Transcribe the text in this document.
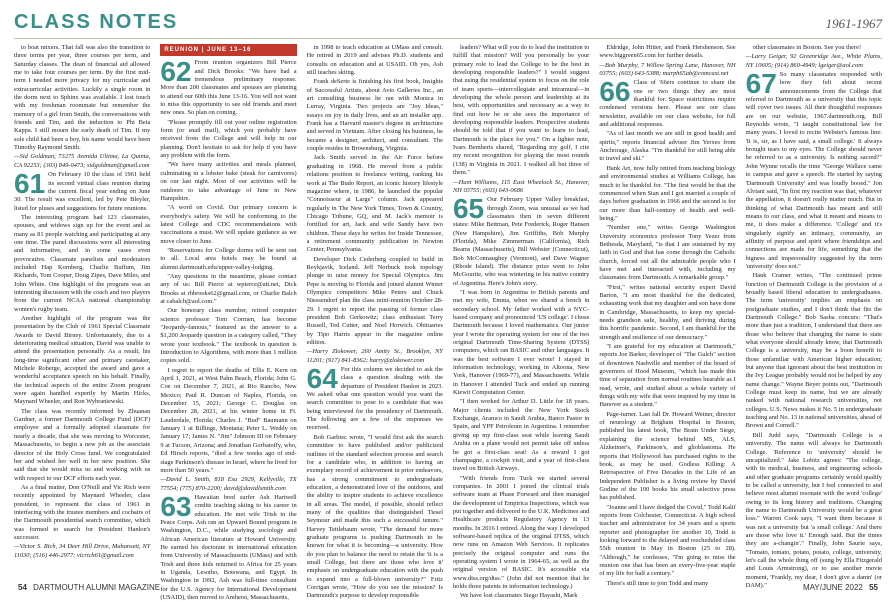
CLASS NOTES	1961-1967

to boat mixers. That fall was also the transition to three terms per year, three courses per term, and Saturday classes. The dean of financial aid allowed me to take four courses per term. By the first mid-term I needed more privacy for my curricular and extracurricular activities. Luckily a single room in the dorm next to Sphinx was available. I lost touch with my freshman roommate but remember the memory of a girl from Smith, the conversations with friends and Tim, and the induction to Phi Beta Kappa. I still mourn the early death of Tim. If my sole child had been a boy, his name would have been Timothy Raymond Smith.

—Sid Goldman, 73275 Avenida Ultima, La Quinta, CA 92253; (303) 849-0473; sidgoldman@gmail.com

61 On February 10 the class of 1961 held its second virtual class reunion during the current fiscal year ending on June 30. The result was excellent, led by Pete Bleyler, listed for pluses and suggestions for future reunions.

The interesting program had 123 classmates, spouses, and widows sign up for the event and as many as 81 people watching and participating at any one time. The panel discussions were all interesting and informative, and in some cases even provocative. Classmate panelists and moderators included Hap Kornberg, Charlie Buffum, Jim Richards, Tom Cooper, Doug Zipes, Dave Miles, and John White. One highlight of the program was an interesting discussion with the coach and two players from the current NCAA national championship women's rugby team.

Another highlight of the program was the presentation by the Club of 1961 Special Classmate Awards to David Birney. Unfortunately, due to a deteriorating medical situation, David was unable to attend the presentation personally. As a result, his long-time significant other and primary caretaker, Michele Roberge, accepted the award and gave a wonderful acceptance speech on his behalf. Finally, the technical aspects of the entire Zoom program were again handled expertly by Martin Hicks, Maynard Wheeler, and Ron Wybraniewski.

The class was recently informed by Zhuanan Gardner, a former Dartmouth College Fund (DCF) employee and a formally adopted classmate for nearly a decade, that she was moving to Worcester, Massachusetts, to begin a new job as the associate director of the Holy Cross fund. We congratulated her and wished her well in her new position. She said that she would miss us and working with us with respect to our DCF efforts each year.

As a final matter, Don O'Neill and Vic Rich were recently appointed by Maynard Wheeler, class president, to represent the class of 1961 in interfacing with the trustee members and cochairs of the Dartmouth presidential search committee, which was formed to search for President Hanlon's successor.

—Victor S. Rich, 34 Deer Hill Drive, Mahansett, NY 11030; (516) 446-2977; vicrich61@gmail.com

REUNION | JUNE 13–16

62 From reunion organizers Bill Pierce and Dick Brooks: "We have had a tremendous preliminary response. More than 200 classmates and spouses are planning to attend our 60th this June 13-16. You will not want to miss this opportunity to see old friends and meet new ones. So plan on coming.

"Please promptly fill out your online registration form (or snail mail), which you probably have received from the College and will help in our planning. Don't hesitate to ask for help if you have any problem with the form.

"We have many activities and meals planned, culminating in a lobster bake (steak for carnivores) on our last night. Most of our activities will be outdoors to take advantage of June in New Hampshire.

"A word on Covid. Our primary concern is everybody's safety. We will be conforming to the latest College and CDC recommendations with vaccinations a must. We will update guidance as we move closer to June.

"Reservations for College dorms will be sent out to all. Local area hotels may be found at alumni.dartmouth.edu/upper-valley-lodging.

"Any questions in the meantime, please contact any of us: Bill Pierce at wpierce@att.net, Dick Brooks at rhbrooks62@gmail.com, or Charlie Balch at cabalch@aol.com."

Our honorary class member, retired computer science professor Tom Cormen, has become "Jeopardy-famous," featured as the answer to a $1,200 Jeopardy question in a category called, "They wrote your textbook." The textbook in question is Introduction to Algorithms, with more than 1 million copies sold.

I regret to report the deaths of Ellis E. Kern on April 1, 2021, at West Palm Beach, Florida; John G. Coe on December 7, 2021, at Rio Rancho, New Mexico; Paul R. Duncan of Naples, Florida, on December 15, 2021; George C. Douglas on December 28, 2021, at his winter home in Ft. Lauderdale, Florida; Charles J. "Bud" Baumann on January 1 at Billings, Montana; Peter L. Weddy on January 17; James N. "Jim" Johnson III on February 9 at Tucson, Arizona; and Jonathan Gorbatoffy, who, Ed Hirsch reports, "died a few weeks ago of end-stage Parkinson's disease in Israel, where he lived for more than 50 years."

—David L. Smith, 818 Esa 2929, Kellyville, TX 77554; (775) 870-2200; david@davidlsmith.com

63 Hawaiian bred surfer Ash Hartwell credits teaching skiing to his career in education. He met wife Trish in the Peace Corps. Ash ran an Upward Bound program in Washington, D.C., while studying sociology and African American literature at Howard University. He earned his doctorate in international education from University of Massachusetts (UMass) and with Trish and three kids returned to Africa for 25 years in Uganda, Lesotho, Botswana, and Egypt. In Washington in 1992, Ash was full-time consultant for the U.S. Agency for International Development (USAID), then moved to Amherst, Massachusetts,

in 1998 to teach education at UMass and consult. He retired in 2019 and advises Ph.D. students and consults on education and at USAID. Oh yes, Ash still teaches skiing.

Frank deSerte is finishing his first book, Insights of Successful Artists, about Avio Galleries Inc., an art consulting business he ran with Monica in Lurray, Virginia. Two projects are "Joy Ideas," essays on joy in daily lives, and an art installer app. Frank has a Harvard master's degree in architecture and served in Vietnam. After closing his business, he became a designer, architect, and consultant. The couple resides in Brownsburg, Virginia.

Jack Smith served in the Air Force before graduating in 1968. He moved from a public relations position to freelance writing, ranking his work at The Budo Report, an iconic history lifestyle magazine where, in 1986, he launched the popular "Connoisseur at Large" column. Jack appeared regularly in The New York Times, Town & Country, Chicago Tribune, GQ, and M. Jack's memoir is fortified for art, Jack and wife Sandy have two children. These days he writes for Inside Tennessee, a retirement community publication in Newton Center, Pennsylvania.

Developer Dick Cederberg coupled to build in Reykjavik, Iceland. Jeff Norbuck took topology plunge to raise money for Special Olympics. Jim Pepe is moving to Florida and joined alumni Winter Olympics competitors Mike Peters and Chuck Niessendorf plan the class mini-reunion October 28-29. I regret to report the passing of former class president Bob Gerkowitz; class enthusiast Terry Russell, Ted Cutter, and Noel Horwich. Obituaries by Tipo Harris appear in the magazine online edition.

—Harry Zlokower, 260 Amity St., Brooklyn, NY 11201; (917) 841-8362; harry@zlokower.com

64 For this column we decided to ask the class a question dealing with the departure of President Hanlon in 2023. We asked what one question would you want the search committee to pose to a candidate that was being interviewed for the presidency of Dartmouth. The following are a few of the responses we received.

Bob Garbiec wrote, "I would first ask the search committee to have published and/or publicized outlines of the standard selection process and search for a candidate who, in addition to having an exemplary record of achievement in prior endeavors, has a strong commitment to undergraduate education, a demonstrated love of the outdoors, and the ability to inspire students to achieve excellence in all areas. The model, if possible, should reflect many of the qualities that distinguished Tiesel Seymour and made this such a successful tenure." Harvey Tettlebaum wrote, "The demand for more graduate programs is pushing Dartmouth to be known for what it is becoming—a university. How do you plan to balance the need to retain the 'it is a small College, but there are those who love it' emphasis on undergraduate education with the push to expand into a full-blown university?" Fritz Corrigan wrote, "How do you see the mission? Is Dartmouth's purpose to develop responsible

leaders? What will you do to lead the institution to fulfill that mission? Will you personally be your primary role to lead the College to be the best in developing responsible leaders?" I would suggest that using the residential system to focus on the role of team sports—intercollegiate and intramural—in developing the whole person and leadership at its best, with opportunities and necessary as a way to find out how he or she sees the importance of developing responsible leaders. Prospective students should be told that if you want to learn to lead, Dartmouth is the place for you." On a lighter note, Ivars Bemberis shared, "Regarding my golf, I cite my recent recognition for playing the most rounds (138) in Virginia in 2021. I walked all but three of them."

—Hunt Williams, 115 East Wheelock St., Hanover, NH 03755; (603) 643-0686

65 Our February Upper Valley breakfast, through Zoom, was unusual as we had classmates then in seven different states: Mike Bettman, Pete Frederick, Roger Hansen (New Hampshire), Jim Griffiths, Bob Murphy (Florida), Mike Zimmerman (California), Rich Beams (Massachusetts), Bill Webster (Connecticut), Bob McConnaughey (Vermont), and Dave Wagner (Rhode Island). The distance prize went to John McGourtie, who was wintering in his native country of Argentina. Here's John's story.

"I was born in Argentina to British parents and met my wife, Emma, when we shared a bench in secondary school. My father worked with a NYC-based company and pronounced 'US college'. I chose Dartmouth because I loved mathematics. Our junior year I wrote the operating system for one of the two original Dartmouth Time-Sharing System (DTSS) computers, which ran BASIC and other languages. It was the best software I ever wrote! I stayed in information technology, working in Altoona, New York, Hanover (1969-77), and Massachusetts. While in Hanover I attended Tuck and ended up running Kiewit Computation Center.

"I then worked for Arthur D. Little for 18 years. Major clients included the New York Stock Exchange, Aramco in Saudi Arabia, Banco Pastor in Spain, and YPF Petroleum in Argentina. I remember giving up my first-class seat while leaving Saudi Arabia on a plane would not permit take off unless he got a first-class seat! As a reward I got champagne, a cockpit visit, and a year of first-class travel on British Airways.

"With friends from Tuck we started several companies. In 2001 I joined the clinical trials software team at Phase Forward and then managed the development of Empirica Inspections, which was put together and delivered to the U.K. Medicines and Healthcare products Regulatory Agency in 13 months. In 2016 I retired. Along the way I developed software-based replica of the original DTSS, which now runs on Amazon Web Services. It replicates precisely the original computer and runs the operating system I wrote in 1964-65, as well as the original version of BASIC. It's accessible via www.dtss.org/dtss." (John did not mention that he holds three patents in information technology.)

We have lost classmates Siego Hayashi, Mark

Eldridge, John Hitter, and Frank Hershenson. See www.biggreen65.com for further details.

—Bob Murphy, 7 Willow Spring Lane, Hanover, NH 03755; (603) 643-5388; murph65ab@comcast.net

66 Class of '66ers continue to share the one or two things they are most thankful for. Space restrictions require condensed versions here. Please see our class newsletter, available on our class website, for full and additional responses.

"As of last month we are still in good health and spirits," reports financial adviser Jim Yerxes from Anchorage, Alaska. "I'm thankful for still being able to travel and ski."

Hank Art, now fully retired from teaching biology and environmental studies at Williams College, has much to be thankful for. "The first would be that the commenced when Stan and I got married a couple of days before graduation in 1966 and the second is for our more than half-century of health and well-being."

"Number one," writes George Washington University economics professor Tony Yezer from Bethesda, Maryland, "is that I am sustained by my faith in God and that has come through the Catholic church, forced out all the admirable people who I have met and interacted with, including my classmates from Dartmouth. A remarkable group."

"First," writes national security expert David Barton, "I am most thankful for the dedicated, exhausting work that my daughter and son have done in Cambridge, Massachusetts, to keep my special-needs grandson safe, healthy, and thriving during this horrific pandemic. Second, I am thankful for the strength and resilience of our democracy."

"I am grateful for my education at Dartmouth," reports Joe Barker, developer of "The Gulch" section of downtown Nashville and member of the board of governors of Hood Museum, "which has made this time of separation from normal routines bearable as I read, wrote, and studied about a whole variety of things with my wife that were inspired by my time in Hanover as a student."

Page-turner. Last fall Dr. Howard Weiner, director of neurology at Brigham Hospital in Boston, published his latest book, The Brain Under Siege, explaining the science behind MS, ALS, Alzheimer's, Parkinson's, and glioblastoma. He reports that Hollywood has purchased rights to the book, as may be used. Godless Killing: A Retrospective of Five Decades in the Life of an Independent Publisher is a living review by David Godine of the 100 books his small selective press has published.

"Joanne and I have dodged the Covid," Todd Kalif reports from Colchester, Connecticut. A high school teacher and administrator for 34 years and a sports reporter and photographer for another 10, Todd is looking forward to the delayed and rescheduled class 55th reunion in May in Boston (25 to 28). "Although," he confesses, "I'm going to miss the reunion one that has been an every-five-year staple of my life for half a century."

There's still time to join Todd and many

other classmates in Boston. See you there!

—Larry Geiger, 92 Greenridge Ave., White Plains, NY 10605; (914) 860-4949; lgeiger@aol.com

67 So many classmates responded with how they felt about recent announcements from the College that referred to Dartmouth as a university that this topic will cover two issues. All their thoughtful responses are on our website, 1967.dartmouth.org. Bill Reynolds wrote, "I taught constitutional law for many years. I loved to recite Webster's famous line: 'It is, sir, as I have said, a small college.' It always brought tears to my eyes. The College should never be referred to as a university. Is nothing sacred?" John Wynne recalls the time "George Wallace came to campus and gave a speech. He started by saying 'Dartmouth University' and was loudly booed." Jon Alviani said, "In first my reaction was that, whatever the appellation, it doesn't really matter much. But in thinking of what Dartmouth has meant and still means to our class, and what it meant and means to me, it does make a difference. 'College' and it's singularly signify an intimacy, community, an affinity of purpose and spirit where friendships and connections are made for life, something that the bigness and impersonality suggested by the term 'university' does not."

Hank Cramer writes, "The continued prime function of Dartmouth College is the provision of a broadly based liberal education to undergraduates. The term 'university' implies an emphasis on postgraduate studies, and I don't think that fits the Dartmouth College." Bob Sasha concurs: "That's more than just a tradition, I understand that there are those who believe that changing the name to state what everyone should already know, that Dartmouth College is a university, may be a boon benefit to those unfamiliar with American higher education; but anyone that ignorant about the best institution in the Ivy League probably would not be helped by any name change." Wayne Beyer points out, "Dartmouth College must keep its name, but we are already ranked with national research universities, not colleges. U.S. News makes it No. 5 in undergraduate teaching and No. 13 in national universities, ahead of Brown and Cornell."

Bill Judd says, "Dartmouth College is a university. The name will always be Dartmouth College. 'Reference to 'university' should be uncapitalized." Jake Lobitz agrees: "The college, with its medical, business, and engineering schools and other graduate programs certainly would qualify to be called a university, but I feel connected to and believe most alumni resonate with the word 'college' owing to its long history and traditions. Changing the name to Dartmouth University would be a great loss." Warren Cook says, "I want them because it was not a university but 'a small college.' And there are those who love it.' Enough said. But the times they are a-changin'." Finally, John Saurie says, "Tomato, tomato, potato, potato, college, university, let's call the whole thing off (sung by Ella Fitzgerald and Louis Armstrong), or to use another movie moment, 'Frankly, my dear, I don't give a damn' (or DAM)."

54 DARTMOUTH ALUMNI MAGAZINE	MAY/JUNE 2022 55
